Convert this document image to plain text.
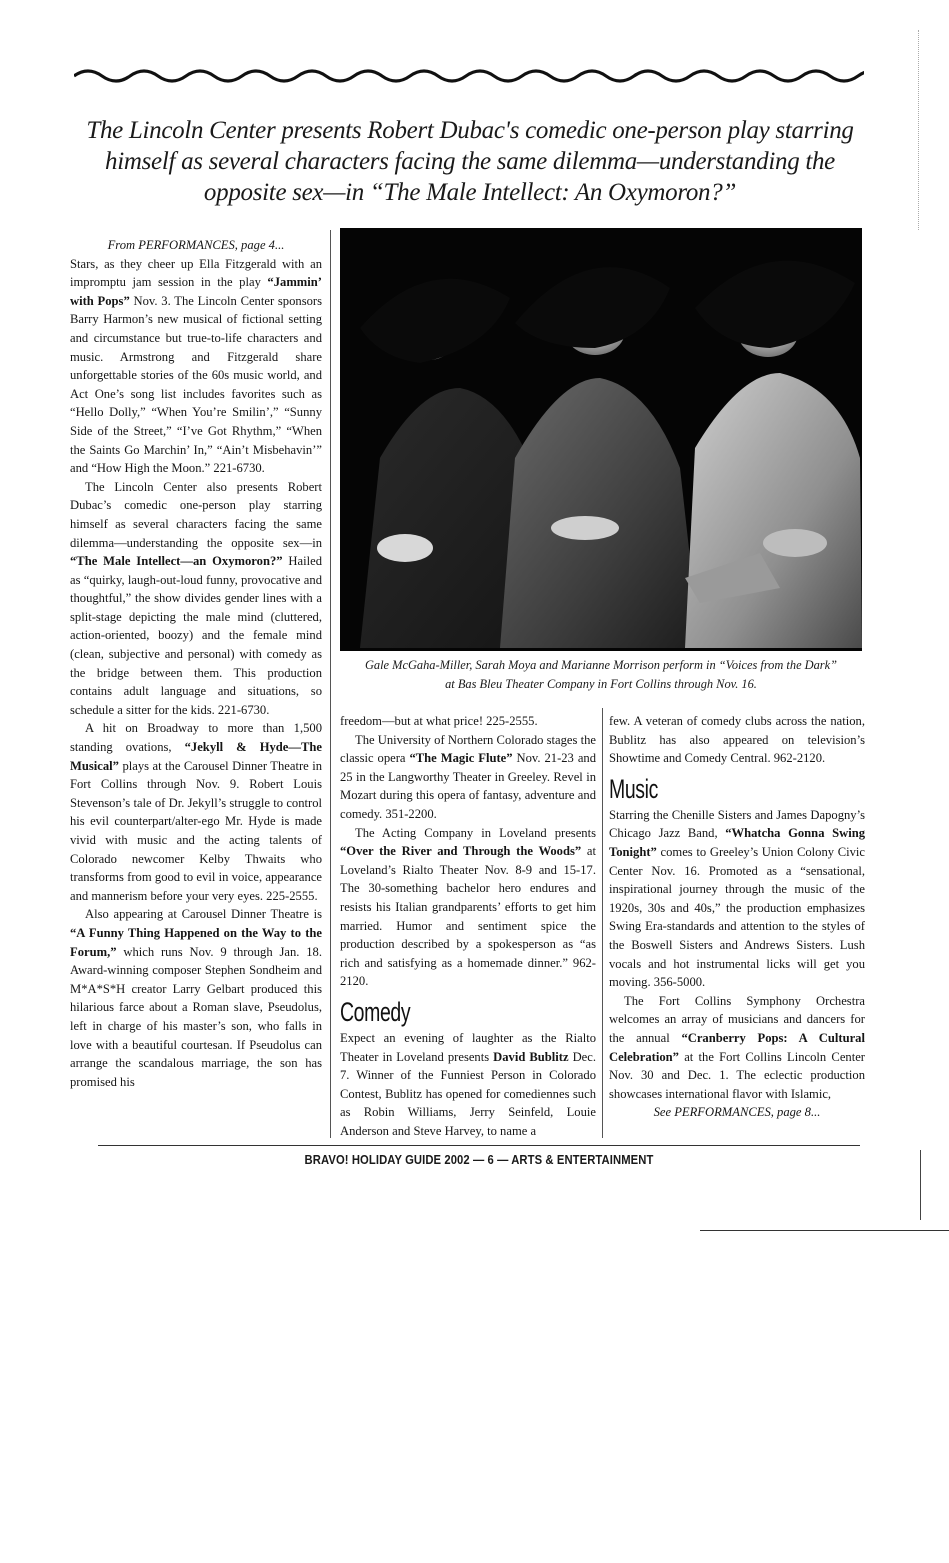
The Lincoln Center presents Robert Dubac's comedic one-person play starring himself as several characters facing the same dilemma—understanding the opposite sex—in “The Male Intellect: An Oxymoron?”

From PERFORMANCES, page 4...

Stars, as they cheer up Ella Fitzgerald with an impromptu jam session in the play “Jammin’ with Pops” Nov. 3. The Lincoln Center sponsors Barry Harmon’s new musical of fictional setting and circumstance but true-to-life characters and music. Armstrong and Fitzgerald share unforgettable stories of the 60s music world, and Act One’s song list includes favorites such as “Hello Dolly,” “When You’re Smilin’,” “Sunny Side of the Street,” “I’ve Got Rhythm,” “When the Saints Go Marchin’ In,” “Ain’t Misbehavin’” and “How High the Moon.” 221-6730.

The Lincoln Center also presents Robert Dubac’s comedic one-person play starring himself as several characters facing the same dilemma—understanding the opposite sex—in “The Male Intellect—an Oxymoron?” Hailed as “quirky, laugh-out-loud funny, provocative and thoughtful,” the show divides gender lines with a split-stage depicting the male mind (cluttered, action-oriented, boozy) and the female mind (clean, subjective and personal) with comedy as the bridge between them. This production contains adult language and situations, so schedule a sitter for the kids. 221-6730.

A hit on Broadway to more than 1,500 standing ovations, “Jekyll & Hyde—The Musical” plays at the Carousel Dinner Theatre in Fort Collins through Nov. 9. Robert Louis Stevenson’s tale of Dr. Jekyll’s struggle to control his evil counterpart/alter-ego Mr. Hyde is made vivid with music and the acting talents of Colorado newcomer Kelby Thwaits who transforms from good to evil in voice, appearance and mannerism before your very eyes. 225-2555.

Also appearing at Carousel Dinner Theatre is “A Funny Thing Happened on the Way to the Forum,” which runs Nov. 9 through Jan. 18. Award-winning composer Stephen Sondheim and M*A*S*H creator Larry Gelbart produced this hilarious farce about a Roman slave, Pseudolus, left in charge of his master’s son, who falls in love with a beautiful courtesan. If Pseudolus can arrange the scandalous marriage, the son has promised his

Gale McGaha-Miller, Sarah Moya and Marianne Morrison perform in “Voices from the Dark”
at Bas Bleu Theater Company in Fort Collins through Nov. 16.

freedom—but at what price! 225-2555.

The University of Northern Colorado stages the classic opera “The Magic Flute” Nov. 21-23 and 25 in the Langworthy Theater in Greeley. Revel in Mozart during this opera of fantasy, adventure and comedy. 351-2200.

The Acting Company in Loveland presents “Over the River and Through the Woods” at Loveland’s Rialto Theater Nov. 8-9 and 15-17. The 30-something bachelor hero endures and resists his Italian grandparents’ efforts to get him married. Humor and sentiment spice the production described by a spokesperson as “as rich and satisfying as a homemade dinner.” 962-2120.

Comedy

Expect an evening of laughter as the Rialto Theater in Loveland presents David Bublitz Dec. 7. Winner of the Funniest Person in Colorado Contest, Bublitz has opened for comediennes such as Robin Williams, Jerry Seinfeld, Louie Anderson and Steve Harvey, to name a

few. A veteran of comedy clubs across the nation, Bublitz has also appeared on television’s Showtime and Comedy Central. 962-2120.

Music

Starring the Chenille Sisters and James Dapogny’s Chicago Jazz Band, “Whatcha Gonna Swing Tonight” comes to Greeley’s Union Colony Civic Center Nov. 16. Promoted as a “sensational, inspirational journey through the music of the 1920s, 30s and 40s,” the production emphasizes Swing Era-standards and attention to the styles of the Boswell Sisters and Andrews Sisters. Lush vocals and hot instrumental licks will get you moving. 356-5000.

The Fort Collins Symphony Orchestra welcomes an array of musicians and dancers for the annual “Cranberry Pops: A Cultural Celebration” at the Fort Collins Lincoln Center Nov. 30 and Dec. 1. The eclectic production showcases international flavor with Islamic,

See PERFORMANCES, page 8...

BRAVO! HOLIDAY GUIDE 2002 — 6 — ARTS & ENTERTAINMENT
